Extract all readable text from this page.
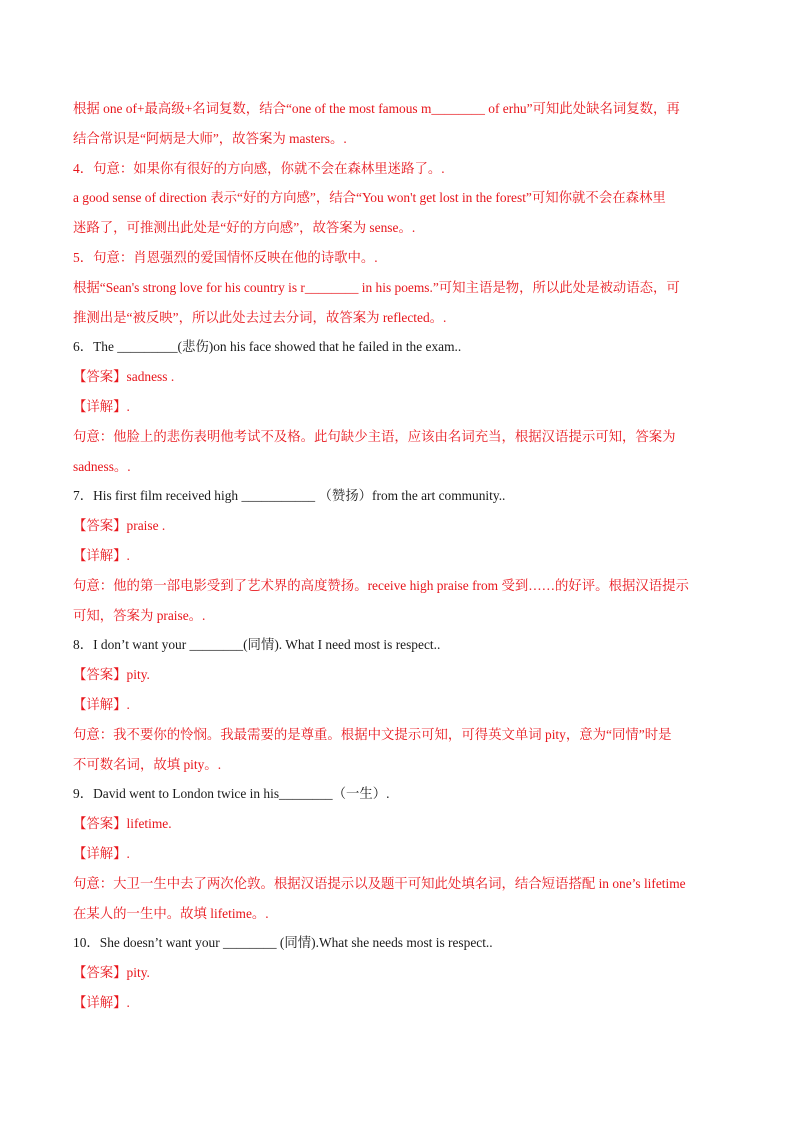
根据 one of+最高级+名词复数，结合“one of the most famous m________ of erhu”可知此处缺名词复数，再
结合常识是“阿炳是大师”，故答案为 masters。.
4．句意：如果你有很好的方向感，你就不会在森林里迷路了。.
a good sense of direction 表示“好的方向感”，结合“You won't get lost in the forest”可知你就不会在森林里
迷路了，可推测出此处是“好的方向感”，故答案为 sense。.
5．句意：肖恩强烈的爱国情怀反映在他的诗歌中。.
根据“Sean's strong love for his country is r________ in his poems.”可知主语是物，所以此处是被动语态，可
推测出是“被反映”，所以此处去过去分词，故答案为 reflected。.
6．The _________(悲伤)on his face showed that he failed in the exam..
【答案】sadness .
【详解】.
句意：他脸上的悲伤表明他考试不及格。此句缺少主语，应该由名词充当，根据汉语提示可知，答案为
sadness。.
7．His first film received high ___________ （赞扬）from the art community..
【答案】praise .
【详解】.
句意：他的第一部电影受到了艺术界的高度赞扬。receive high praise from 受到……的好评。根据汉语提示
可知，答案为 praise。.
8．I don’t want your ________(同情). What I need most is respect..
【答案】pity.
【详解】.
句意：我不要你的怜悯。我最需要的是尊重。根据中文提示可知，可得英文单词 pity，意为“同情”时是
不可数名词，故填 pity。.
9．David went to London twice in his________（一生）.
【答案】lifetime.
【详解】.
句意：大卫一生中去了两次伦敦。根据汉语提示以及题干可知此处填名词，结合短语搭配 in one’s lifetime
在某人的一生中。故填 lifetime。.
10．She doesn’t want your ________ (同情).What she needs most is respect..
【答案】pity.
【详解】.
